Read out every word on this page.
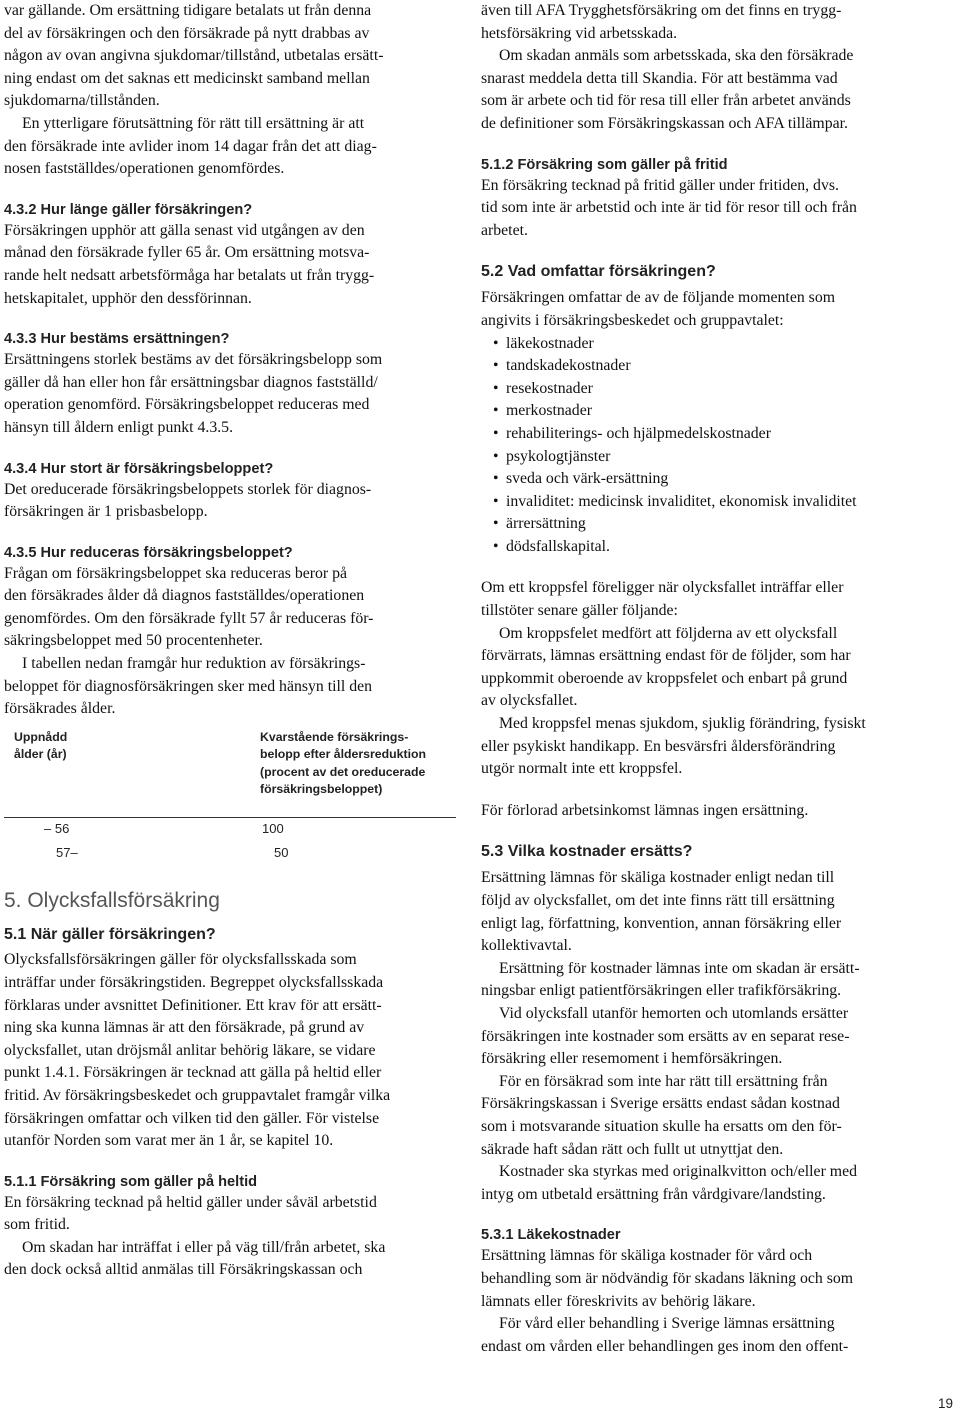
var gällande. Om ersättning tidigare betalats ut från denna
del av försäkringen och den försäkrade på nytt drabbas av
någon av ovan angivna sjukdomar/tillstånd, utbetalas ersätt-
ning endast om det saknas ett medicinskt samband mellan
sjukdomarna/tillstånden.

En ytterligare förutsättning för rätt till ersättning är att
den försäkrade inte avlider inom 14 dagar från det att diag-
nosen fastställdes/operationen genomfördes.

4.3.2 Hur länge gäller försäkringen?

Försäkringen upphör att gälla senast vid utgången av den
månad den försäkrade fyller 65 år. Om ersättning motsva-
rande helt nedsatt arbetsförmåga har betalats ut från trygg-
hetskapitalet, upphör den dessförinnan.

4.3.3 Hur bestäms ersättningen?

Ersättningens storlek bestäms av det försäkringsbelopp som
gäller då han eller hon får ersättningsbar diagnos fastställd/
operation genomförd. Försäkringsbeloppet reduceras med
hänsyn till åldern enligt punkt 4.3.5.

4.3.4 Hur stort är försäkringsbeloppet?

Det oreducerade försäkringsbeloppets storlek för diagnos-
försäkringen är 1 prisbasbelopp.

4.3.5 Hur reduceras försäkringsbeloppet?

Frågan om försäkringsbeloppet ska reduceras beror på
den försäkrades ålder då diagnos fastställdes/operationen
genomfördes. Om den försäkrade fyllt 57 år reduceras för-
säkringsbeloppet med 50 procentenheter.

I tabellen nedan framgår hur reduktion av försäkrings-
beloppet för diagnosförsäkringen sker med hänsyn till den
försäkrades ålder.

Uppnådd
ålder (år)
Kvarstående försäkrings-
belopp efter åldersreduktion
(procent av det oreducerade
försäkringsbeloppet)
– 56	100
57–	50
5. Olycksfallsförsäkring
5.1 När gäller försäkringen?

Olycksfallsförsäkringen gäller för olycksfallsskada som
inträffar under försäkringstiden. Begreppet olycksfallsskada
förklaras under avsnittet Definitioner. Ett krav för att ersätt-
ning ska kunna lämnas är att den försäkrade, på grund av
olycksfallet, utan dröjsmål anlitar behörig läkare, se vidare
punkt 1.4.1. Försäkringen är tecknad att gälla på heltid eller
fritid. Av försäkringsbeskedet och gruppavtalet framgår vilka
försäkringen omfattar och vilken tid den gäller. För vistelse
utanför Norden som varat mer än 1 år, se kapitel 10.

5.1.1 Försäkring som gäller på heltid

En försäkring tecknad på heltid gäller under såväl arbetstid
som fritid.

Om skadan har inträffat i eller på väg till/från arbetet, ska
den dock också alltid anmälas till Försäkringskassan och

även till AFA Trygghetsförsäkring om det finns en trygg-
hetsförsäkring vid arbetsskada.

Om skadan anmäls som arbetsskada, ska den försäkrade
snarast meddela detta till Skandia. För att bestämma vad
som är arbete och tid för resa till eller från arbetet används
de definitioner som Försäkringskassan och AFA tillämpar.

5.1.2 Försäkring som gäller på fritid

En försäkring tecknad på fritid gäller under fritiden, dvs.
tid som inte är arbetstid och inte är tid för resor till och från
arbetet.

5.2 Vad omfattar försäkringen?

Försäkringen omfattar de av de följande momenten som
angivits i försäkringsbeskedet och gruppavtalet:

• läkekostnader
• tandskadekostnader
• resekostnader
• merkostnader
• rehabiliterings- och hjälpmedelskostnader
• psykologtjänster
• sveda och värk-ersättning
• invaliditet: medicinsk invaliditet, ekonomisk invaliditet
• ärrersättning
• dödsfallskapital.

Om ett kroppsfel föreligger när olycksfallet inträffar eller
tillstöter senare gäller följande:

Om kroppsfelet medfört att följderna av ett olycksfall
förvärrats, lämnas ersättning endast för de följder, som har
uppkommit oberoende av kroppsfelet och enbart på grund
av olycksfallet.

Med kroppsfel menas sjukdom, sjuklig förändring, fysiskt
eller psykiskt handikapp. En besvärsfri åldersförändring
utgör normalt inte ett kroppsfel.

För förlorad arbetsinkomst lämnas ingen ersättning.

5.3 Vilka kostnader ersätts?

Ersättning lämnas för skäliga kostnader enligt nedan till
följd av olycksfallet, om det inte finns rätt till ersättning
enligt lag, författning, konvention, annan försäkring eller
kollektivavtal.

Ersättning för kostnader lämnas inte om skadan är ersätt-
ningsbar enligt patientförsäkringen eller trafikförsäkring.

Vid olycksfall utanför hemorten och utomlands ersätter
försäkringen inte kostnader som ersätts av en separat rese-
försäkring eller resemoment i hemförsäkringen.

För en försäkrad som inte har rätt till ersättning från
Försäkringskassan i Sverige ersätts endast sådan kostnad
som i motsvarande situation skulle ha ersatts om den för-
säkrade haft sådan rätt och fullt ut utnyttjat den.

Kostnader ska styrkas med originalkvitton och/eller med
intyg om utbetald ersättning från vårdgivare/landsting.

5.3.1 Läkekostnader

Ersättning lämnas för skäliga kostnader för vård och
behandling som är nödvändig för skadans läkning och som
lämnats eller föreskrivits av behörig läkare.

För vård eller behandling i Sverige lämnas ersättning
endast om vården eller behandlingen ges inom den offent-

19
